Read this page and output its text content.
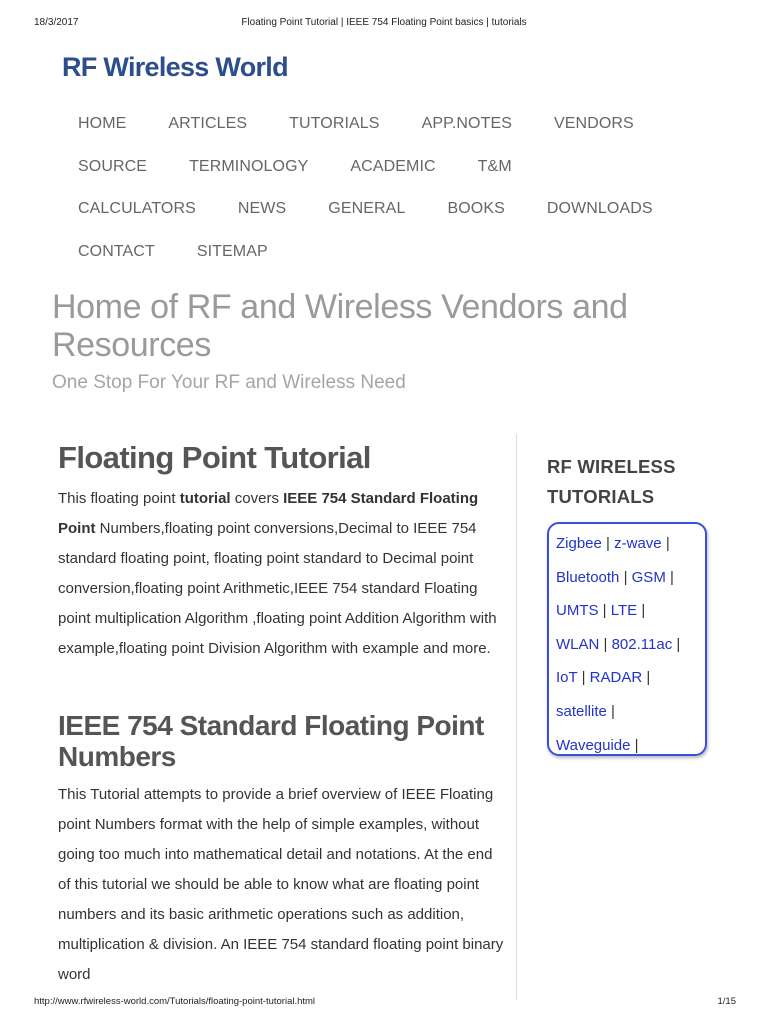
18/3/2017	Floating Point Tutorial | IEEE 754 Floating Point basics | tutorials
RF Wireless World
HOME	ARTICLES	TUTORIALS	APP.NOTES	VENDORS
SOURCE	TERMINOLOGY	ACADEMIC	T&M
CALCULATORS	NEWS	GENERAL	BOOKS	DOWNLOADS
CONTACT	SITEMAP
Home of RF and Wireless Vendors and Resources
One Stop For Your RF and Wireless Need
Floating Point Tutorial

This floating point tutorial covers IEEE 754 Standard Floating Point Numbers,floating point conversions,Decimal to IEEE 754 standard floating point, floating point standard to Decimal point conversion,floating point Arithmetic,IEEE 754 standard Floating point multiplication Algorithm ,floating point Addition Algorithm with example,floating point Division Algorithm with example and more.

IEEE 754 Standard Floating Point Numbers

This Tutorial attempts to provide a brief overview of IEEE Floating point Numbers format with the help of simple examples, without going too much into mathematical detail and notations. At the end of this tutorial we should be able to know what are floating point numbers and its basic arithmetic operations such as addition, multiplication & division. An IEEE 754 standard floating point binary word

RF WIRELESS TUTORIALS
Zigbee | z-wave |
Bluetooth | GSM |
UMTS | LTE |
WLAN | 802.11ac |
IoT | RADAR |
satellite |
Waveguide |
http://www.rfwireless-world.com/Tutorials/floating-point-tutorial.html	1/15
